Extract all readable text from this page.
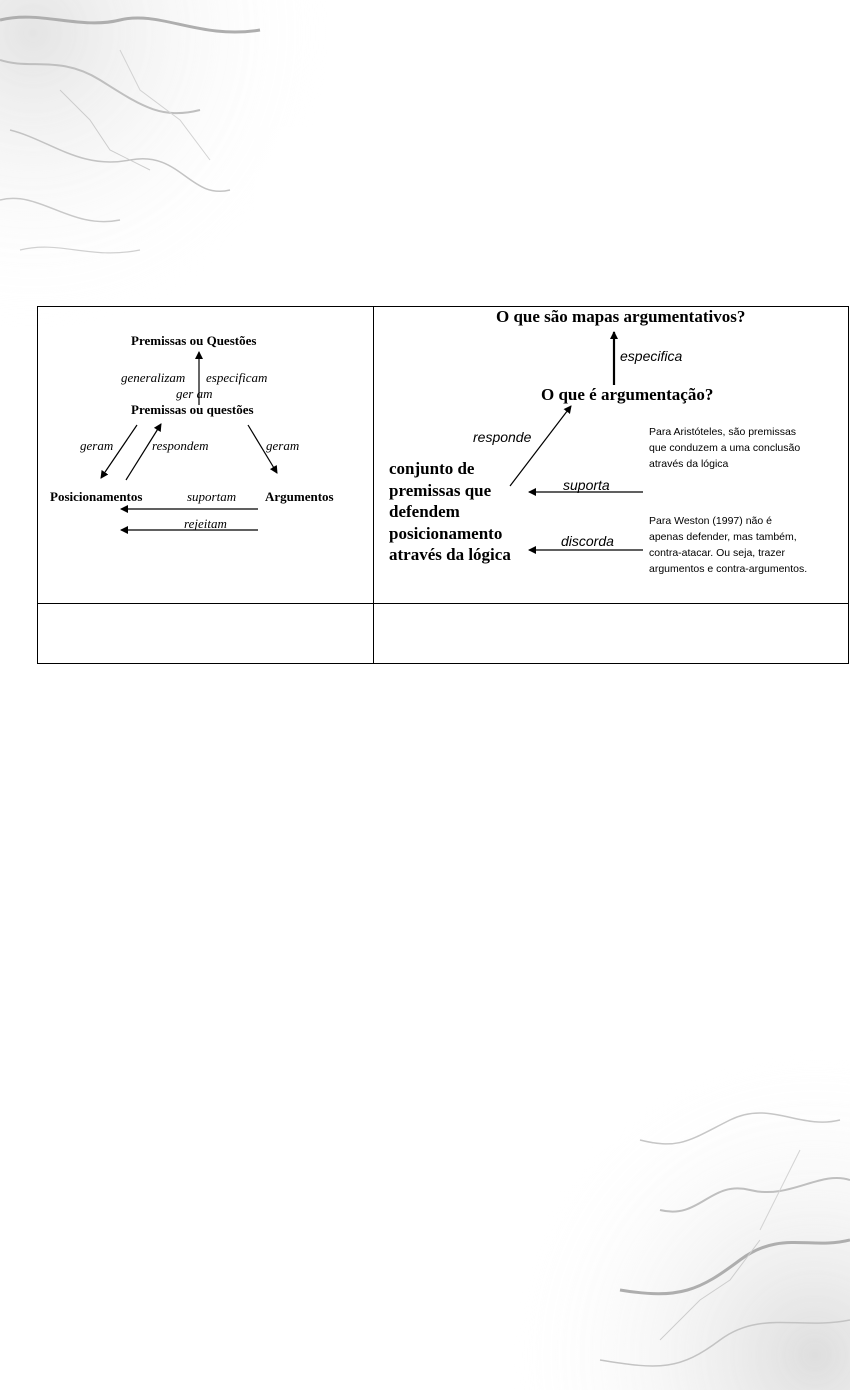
Premissas ou Questões
generalizam especificam
ger am
Premissas ou questões
geram	respondem	geram
Posicionamentos	suportam Argumentos
rejeitam
O que são mapas argumentativos?
especifica
O que é argumentação?
responde
conjunto de
premissas que
defendem
posicionamento
através da lógica
suporta
discorda
Para Aristóteles, são premissas que conduzem a uma conclusão através da lógica
Para Weston (1997) não é apenas defender, mas também, contra-atacar. Ou seja, trazer argumentos e contra-argumentos.
